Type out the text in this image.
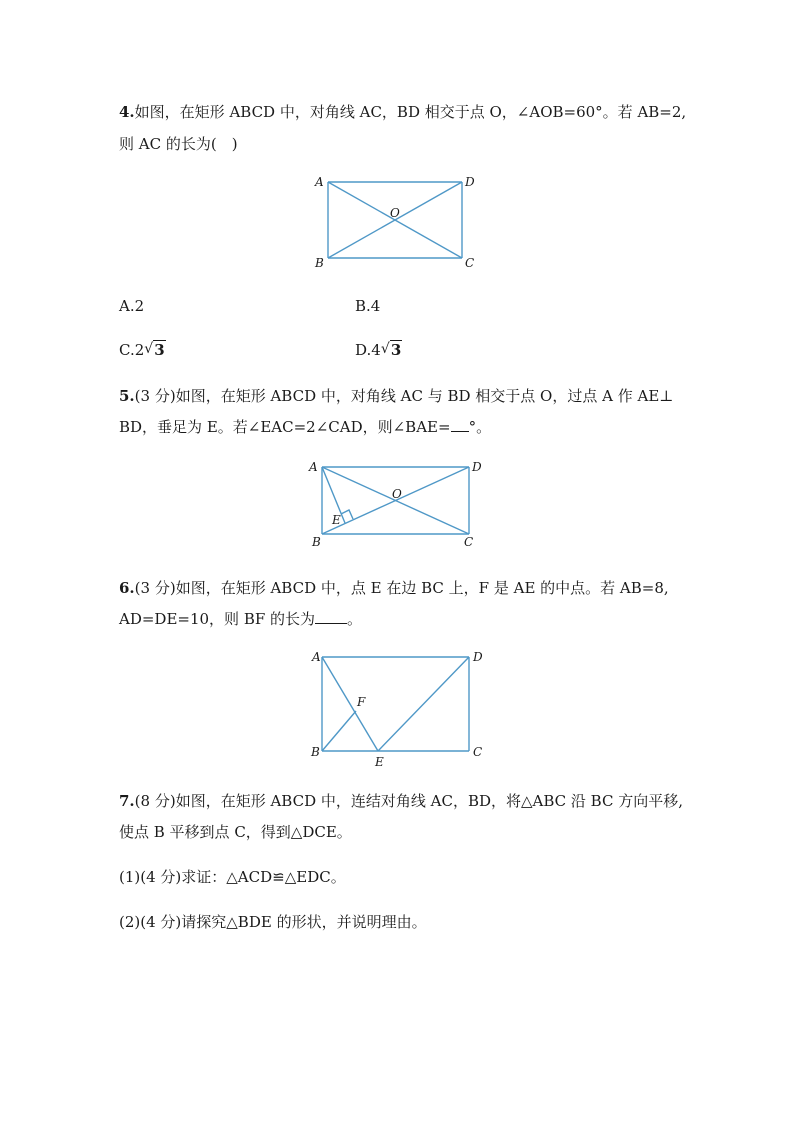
4.如图，在矩形 ABCD 中，对角线 AC，BD 相交于点 O，∠AOB=60°。若 AB=2,
则 AC 的长为(　)
A	D
B	C
O
A.2	B.4
C.2 √ 3	D.4 √ 3
5.(3 分)如图，在矩形 ABCD 中，对角线 AC 与 BD 相交于点 O，过点 A 作 AE⊥
BD，垂足为 E。若∠EAC=2∠CAD，则∠BAE= °。
A	D
B	C
O
E
6.(3 分)如图，在矩形 ABCD 中，点 E 在边 BC 上，F 是 AE 的中点。若 AB=8,
AD=DE=10，则 BF 的长为 。
A	D
B	C
E
F
7.(8 分)如图，在矩形 ABCD 中，连结对角线 AC，BD，将△ABC 沿 BC 方向平移,
使点 B 平移到点 C，得到△DCE。
(1)(4 分)求证：△ACD≌△EDC。
(2)(4 分)请探究△BDE 的形状，并说明理由。
